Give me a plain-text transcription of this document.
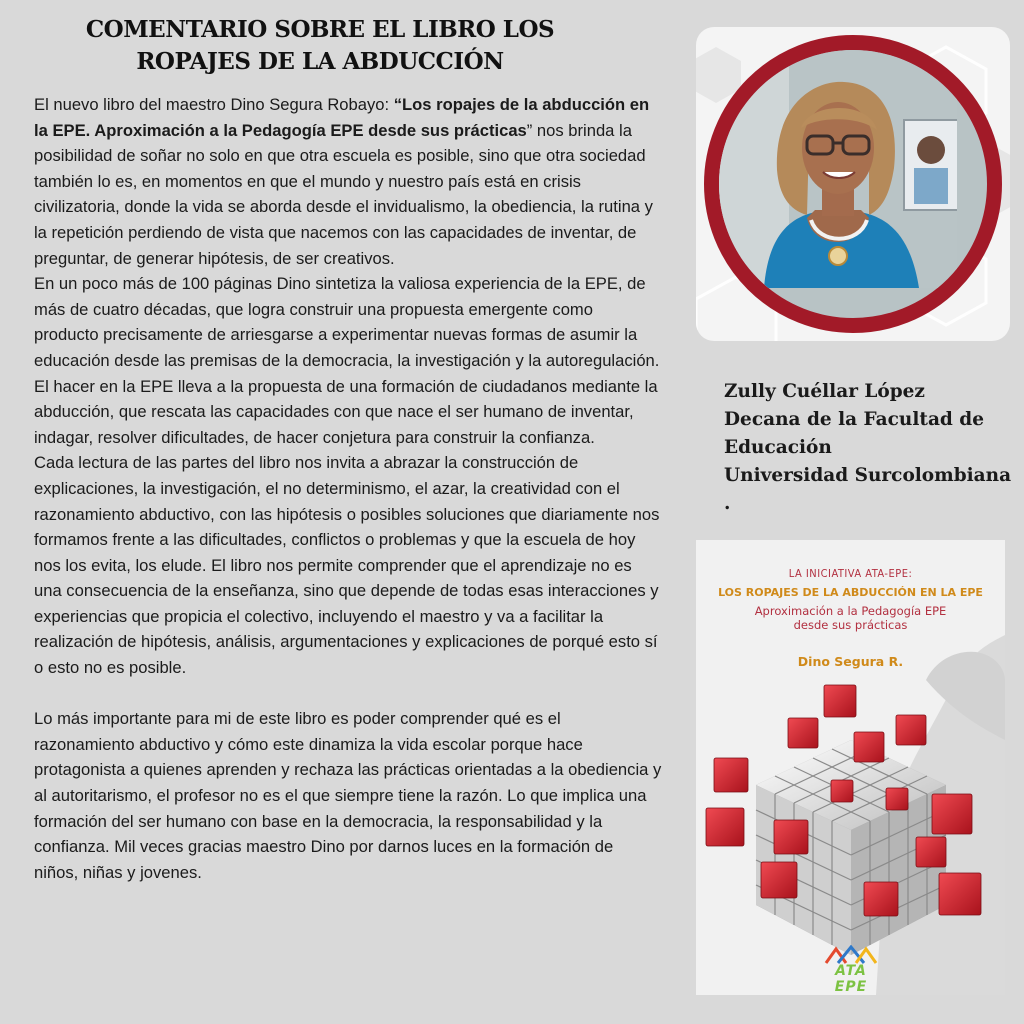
COMENTARIO SOBRE EL LIBRO LOS
ROPAJES DE LA ABDUCCIÓN

El nuevo libro del maestro Dino Segura Robayo: “Los ropajes de la abducción en la EPE. Aproximación a la Pedagogía EPE desde sus prácticas” nos brinda la posibilidad de soñar no solo en que otra escuela es posible, sino que otra sociedad también lo es, en momentos en que el mundo y nuestro país está en crisis civilizatoria, donde la vida se aborda desde el invidualismo, la obediencia, la rutina y la repetición perdiendo de vista que nacemos con las capacidades de inventar, de preguntar, de generar hipótesis, de ser creativos.

En un poco más de 100 páginas Dino sintetiza la valiosa experiencia de la EPE, de más de cuatro décadas, que logra construir una propuesta emergente como producto precisamente de arriesgarse a experimentar nuevas formas de asumir la educación desde las premisas de la democracia, la investigación y la autoregulación. El hacer en la EPE lleva a la propuesta de una formación de ciudadanos mediante la abducción, que rescata las capacidades con que nace el ser humano de inventar, indagar, resolver dificultades, de hacer conjetura para construir la confianza.

Cada lectura de las partes del libro nos invita a abrazar la construcción de explicaciones, la investigación, el no determinismo, el azar, la creatividad con el razonamiento abductivo, con las hipótesis o posibles soluciones que diariamente nos formamos frente a las dificultades, conflictos o problemas y que la escuela de hoy nos los evita, los elude. El libro nos permite comprender que el aprendizaje no es una consecuencia de la enseñanza, sino que depende de todas esas interacciones y experiencias que propicia el colectivo, incluyendo el maestro y va a facilitar la realización de hipótesis, análisis, argumentaciones y explicaciones de porqué esto sí o esto no es posible.

Lo más importante para mi de este libro es poder comprender qué es el razonamiento abductivo y cómo este dinamiza la vida escolar porque hace protagonista a quienes aprenden y rechaza las prácticas orientadas a la obediencia y al autoritarismo, el profesor no es el que siempre tiene la razón. Lo que implica una formación del ser humano con base en la democracia, la responsabilidad y la confianza. Mil veces gracias maestro Dino por darnos luces en la formación de niños, niñas y jovenes.

Zully Cuéllar López
Decana de la Facultad de
Educación
Universidad Surcolombiana
.
LA INICIATIVA ATA-EPE:
LOS ROPAJES DE LA ABDUCCIÓN EN LA EPE
Aproximación a la Pedagogía EPE
desde sus prácticas
Dino Segura R.
ATA EPE
